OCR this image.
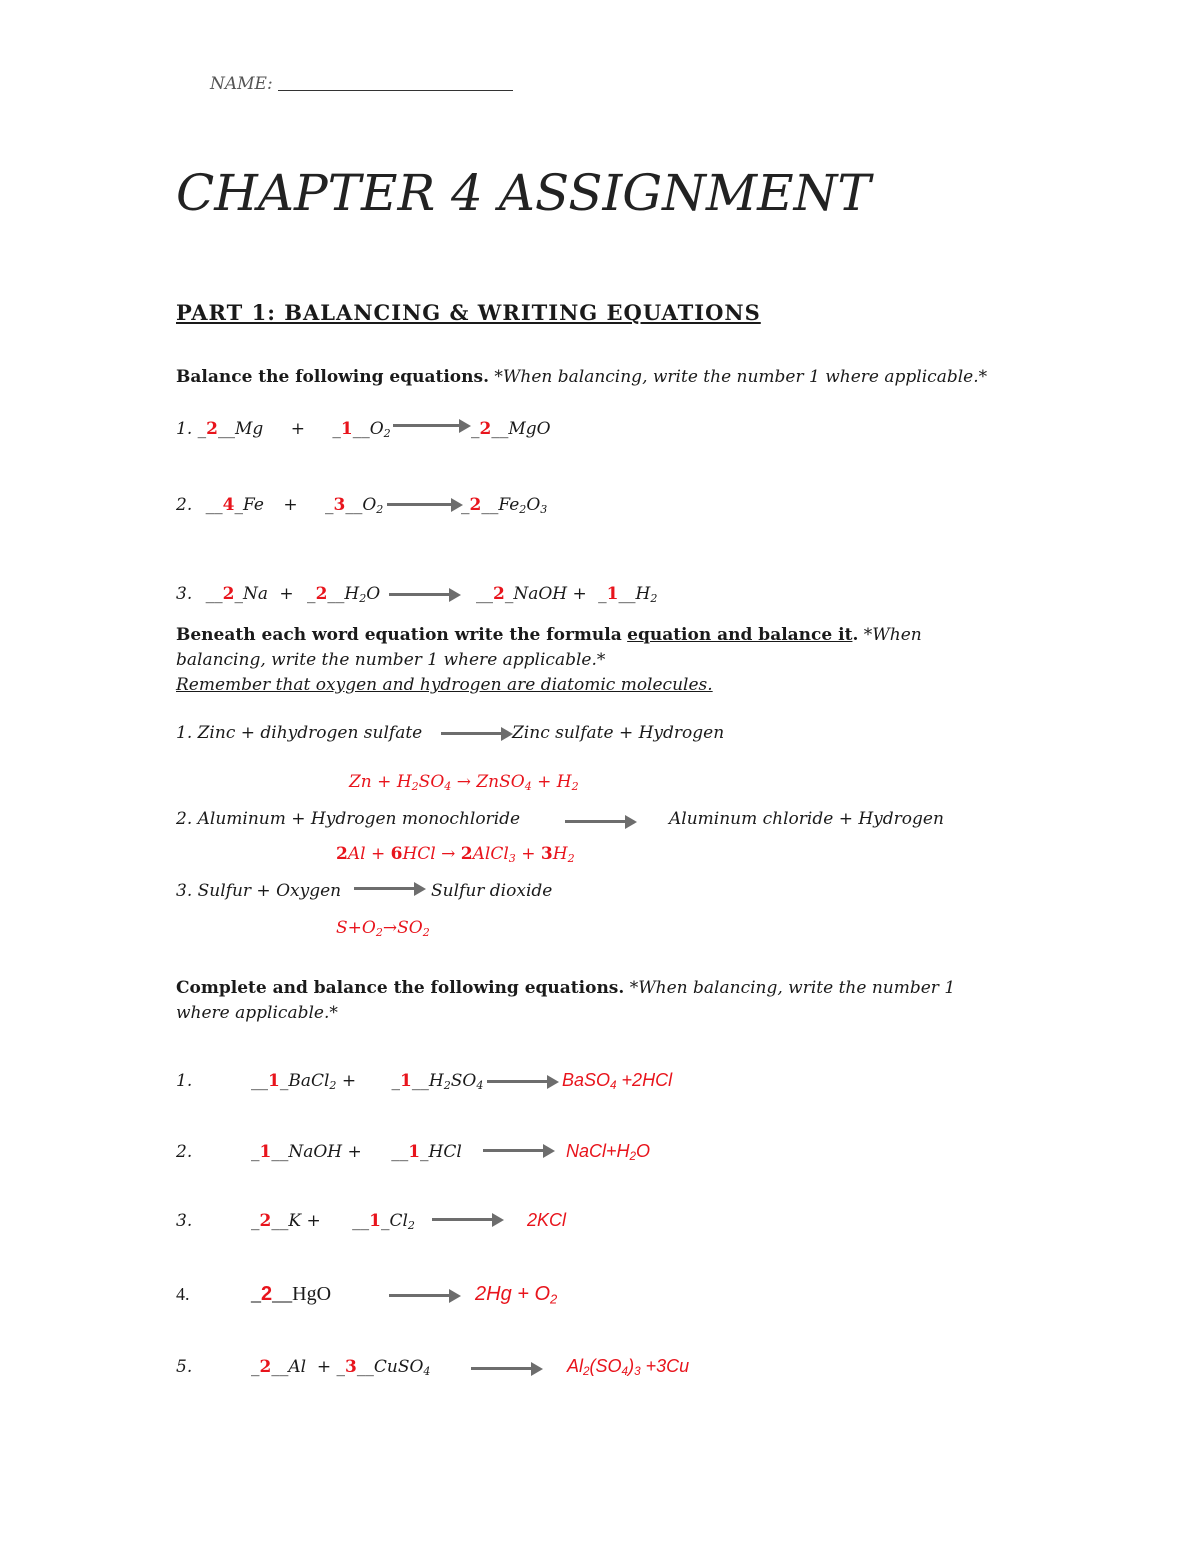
NAME:
CHAPTER 4 ASSIGNMENT
PART 1: BALANCING & WRITING EQUATIONS
Balance the following equations. *When balancing, write the number 1 where applicable.*
1. _2__Mg + $\_1\_\_O_2$	_2__MgO
2. __4_Fe + $\_3\_\_O_2$	$\_2\_\_Fe_2O_3$
3. __2_Na + $\_2\_\_H_2O$	__2_NaOH + $\_1\_\_H_2$
Beneath each word equation write the formula equation and balance it. *When
balancing, write the number 1 where applicable.*
Remember that oxygen and hydrogen are diatomic molecules.
1. Zinc + dihydrogen sulfate	Zinc sulfate + Hydrogen
$Zn + H_2SO_4$ → ZnSO$_4$ + $H_2$
2. Aluminum + Hydrogen monochloride	Aluminum chloride + Hydrogen
2Al + 6HCl → 2AlCl$_3$ + $3H_2$
3. Sulfur + Oxygen	Sulfur dioxide
$S+O_2\to SO_2$
Complete and balance the following equations. *When balancing, write the number 1
where applicable.*
1.	__1_BaCl$_2$ + $\_1\_\_H_2SO_4$	BaSO$_4$ +2HCl
2.	_1__NaOH + __1_HCl	$NaCl+H_2O$
3.	_2__K + $\_\_1\_Cl_2$	2KCl
4.	_2__HgO	$2Hg + O_2$
5.	_2__Al  + _3__CuSO$_4$	$Al_2(SO_4)_3 +3Cu$
